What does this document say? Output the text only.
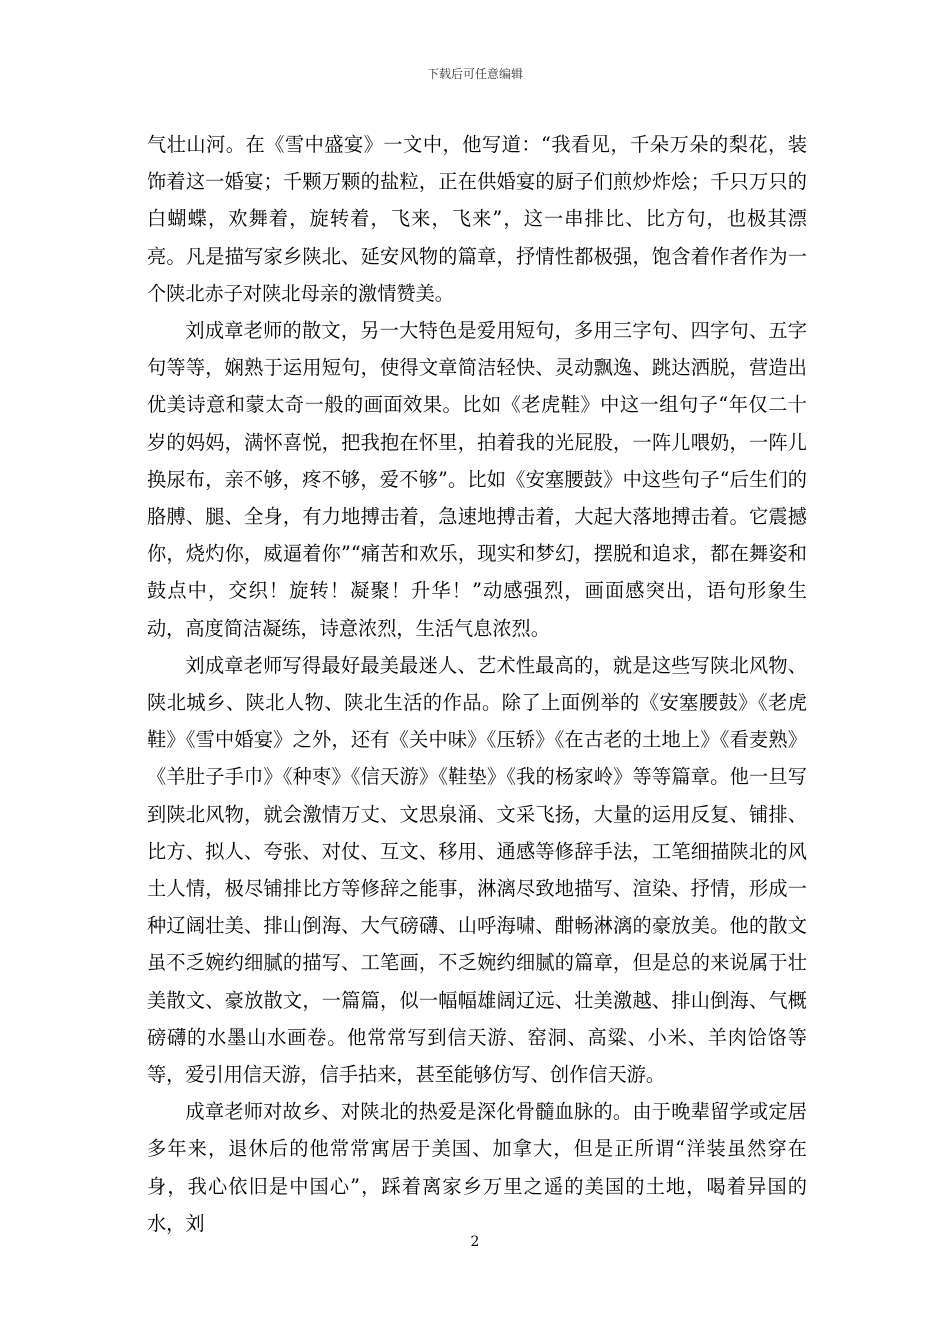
下载后可任意编辑

气壮山河。在《雪中盛宴》一文中，他写道：“我看见，千朵万朵的梨花，装饰着这一婚宴；千颗万颗的盐粒，正在供婚宴的厨子们煎炒炸烩；千只万只的白蝴蝶，欢舞着，旋转着，飞来，飞来”，这一串排比、比方句，也极其漂亮。凡是描写家乡陕北、延安风物的篇章，抒情性都极强，饱含着作者作为一个陕北赤子对陕北母亲的激情赞美。

刘成章老师的散文，另一大特色是爱用短句，多用三字句、四字句、五字句等等，娴熟于运用短句，使得文章简洁轻快、灵动飘逸、跳达洒脱，营造出优美诗意和蒙太奇一般的画面效果。比如《老虎鞋》中这一组句子“年仅二十岁的妈妈，满怀喜悦，把我抱在怀里，拍着我的光屁股，一阵儿喂奶，一阵儿换尿布，亲不够，疼不够，爱不够”。比如《安塞腰鼓》中这些句子“后生们的胳膊、腿、全身，有力地搏击着，急速地搏击着，大起大落地搏击着。它震撼你，烧灼你，威逼着你”“痛苦和欢乐，现实和梦幻，摆脱和追求，都在舞姿和鼓点中，交织！旋转！凝聚！升华！”动感强烈，画面感突出，语句形象生动，高度简洁凝练，诗意浓烈，生活气息浓烈。

刘成章老师写得最好最美最迷人、艺术性最高的，就是这些写陕北风物、陕北城乡、陕北人物、陕北生活的作品。除了上面例举的《安塞腰鼓》《老虎鞋》《雪中婚宴》之外，还有《关中味》《压轿》《在古老的土地上》《看麦熟》《羊肚子手巾》《种枣》《信天游》《鞋垫》《我的杨家岭》等等篇章。他一旦写到陕北风物，就会激情万丈、文思泉涌、文采飞扬，大量的运用反复、铺排、比方、拟人、夸张、对仗、互文、移用、通感等修辞手法，工笔细描陕北的风土人情，极尽铺排比方等修辞之能事，淋漓尽致地描写、渲染、抒情，形成一种辽阔壮美、排山倒海、大气磅礴、山呼海啸、酣畅淋漓的豪放美。他的散文虽不乏婉约细腻的描写、工笔画，不乏婉约细腻的篇章，但是总的来说属于壮美散文、豪放散文，一篇篇，似一幅幅雄阔辽远、壮美激越、排山倒海、气概磅礴的水墨山水画卷。他常常写到信天游、窑洞、高粱、小米、羊肉饸饹等等，爱引用信天游，信手拈来，甚至能够仿写、创作信天游。

成章老师对故乡、对陕北的热爱是深化骨髓血脉的。由于晚辈留学或定居多年来，退休后的他常常寓居于美国、加拿大，但是正所谓“洋装虽然穿在身，我心依旧是中国心”，踩着离家乡万里之遥的美国的土地，喝着异国的水，刘

2
